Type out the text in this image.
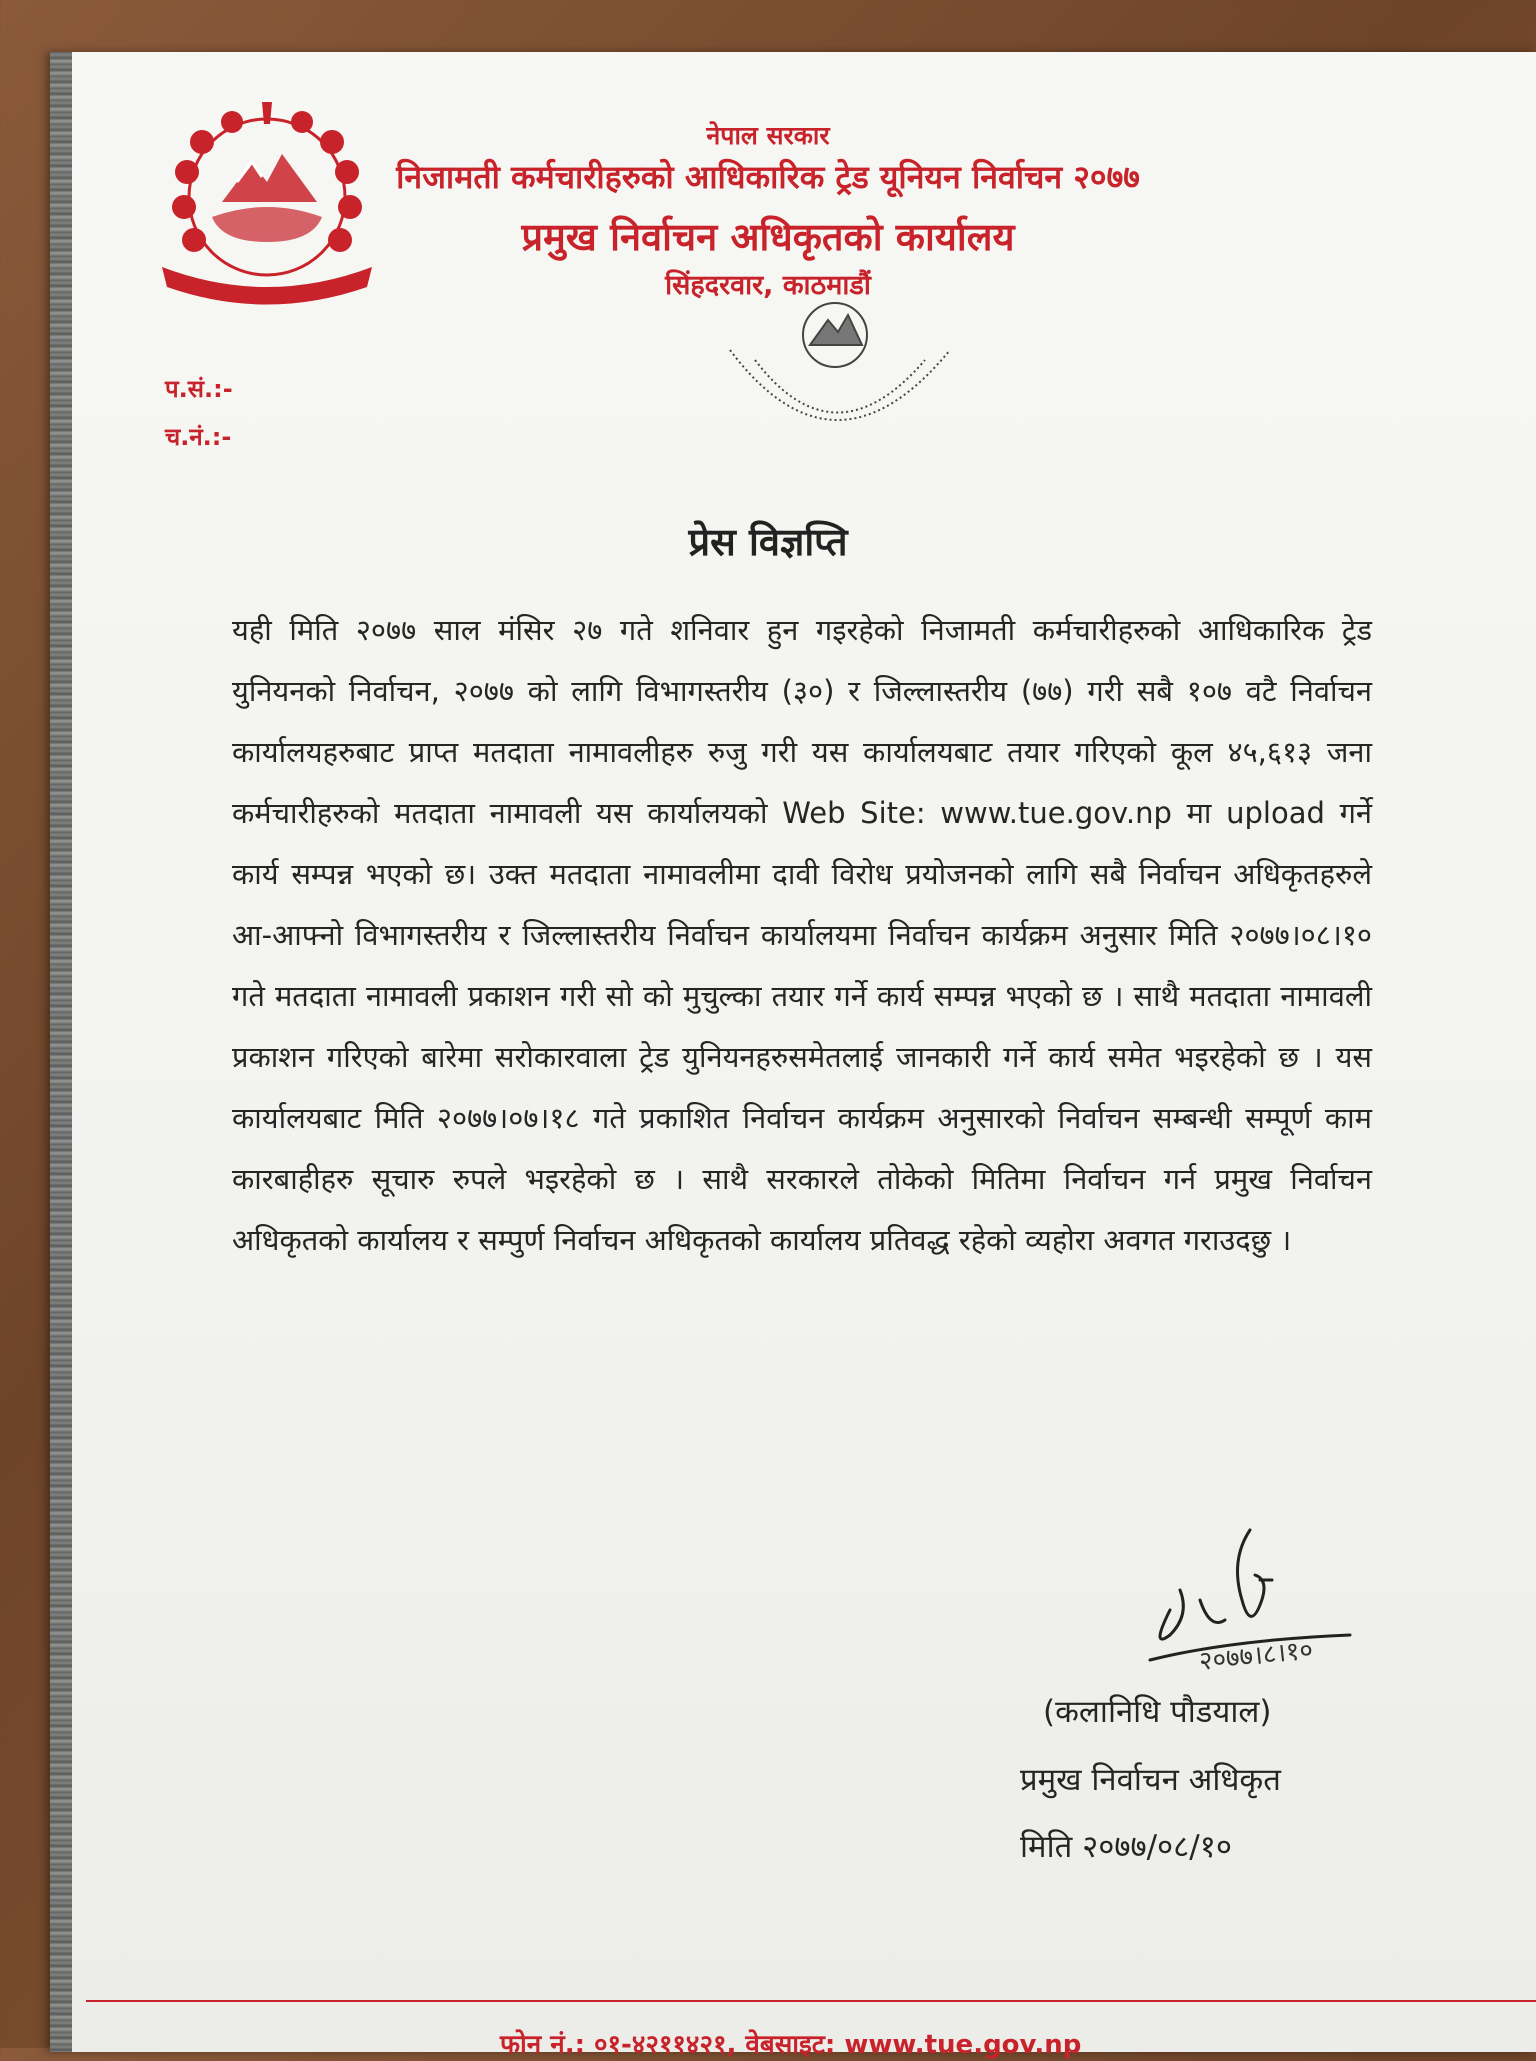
नेपाल सरकार
निजामती कर्मचारीहरुको आधिकारिक ट्रेड यूनियन निर्वाचन २०७७
प्रमुख निर्वाचन अधिकृतको कार्यालय
सिंहदरवार, काठमाडौं
प.सं.:-
च.नं.:-
प्रेस विज्ञप्ति
यही मिति २०७७ साल मंसिर २७ गते शनिवार हुन गइरहेको निजामती कर्मचारीहरुको आधिकारिक ट्रेड युनियनको निर्वाचन, २०७७ को लागि विभागस्तरीय (३०) र जिल्लास्तरीय (७७) गरी सबै १०७ वटै निर्वाचन कार्यालयहरुबाट प्राप्त मतदाता नामावलीहरु रुजु गरी यस कार्यालयबाट तयार गरिएको कूल ४५,६१३ जना कर्मचारीहरुको मतदाता नामावली यस कार्यालयको Web Site: www.tue.gov.np मा upload गर्ने कार्य सम्पन्न भएको छ। उक्त मतदाता नामावलीमा दावी विरोध प्रयोजनको लागि सबै निर्वाचन अधिकृतहरुले आ-आफ्नो विभागस्तरीय र जिल्लास्तरीय निर्वाचन कार्यालयमा निर्वाचन कार्यक्रम अनुसार मिति २०७७।०८।१० गते मतदाता नामावली प्रकाशन गरी सो को मुचुल्का तयार गर्ने कार्य सम्पन्न भएको छ । साथै मतदाता नामावली प्रकाशन गरिएको बारेमा सरोकारवाला ट्रेड युनियनहरुसमेतलाई जानकारी गर्ने कार्य समेत भइरहेको छ । यस कार्यालयबाट मिति २०७७।०७।१८ गते प्रकाशित निर्वाचन कार्यक्रम अनुसारको निर्वाचन सम्बन्धी सम्पूर्ण काम कारबाहीहरु सूचारु रुपले भइरहेको छ । साथै सरकारले तोकेको मितिमा निर्वाचन गर्न प्रमुख निर्वाचन अधिकृतको कार्यालय र सम्पुर्ण निर्वाचन अधिकृतको कार्यालय प्रतिवद्ध रहेको व्यहोरा अवगत गराउदछु ।
२०७७।८।१०
(कलानिधि पौडयाल)
प्रमुख निर्वाचन अधिकृत
मिति २०७७/०८/१०
फोन नं.: ०१-४२११४२१, वेबसाइट: www.tue.gov.np
